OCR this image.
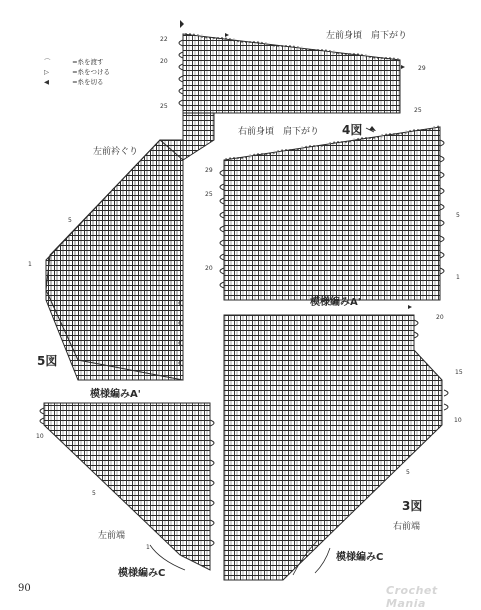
⌒	=糸を渡す
▷	=糸をつける
◀	=糸を切る
左前身頃　肩下がり
右前身頃　肩下がり 4図
左前衿ぐり
模様編みA'
5図
模様編みA'
3図
右前端
左前端
模様編みC
模様編みC
22
20
25
29
25
29
25
20
5
1
5
1
20
15
10
5
10
5
1
90	Crochet Mania
